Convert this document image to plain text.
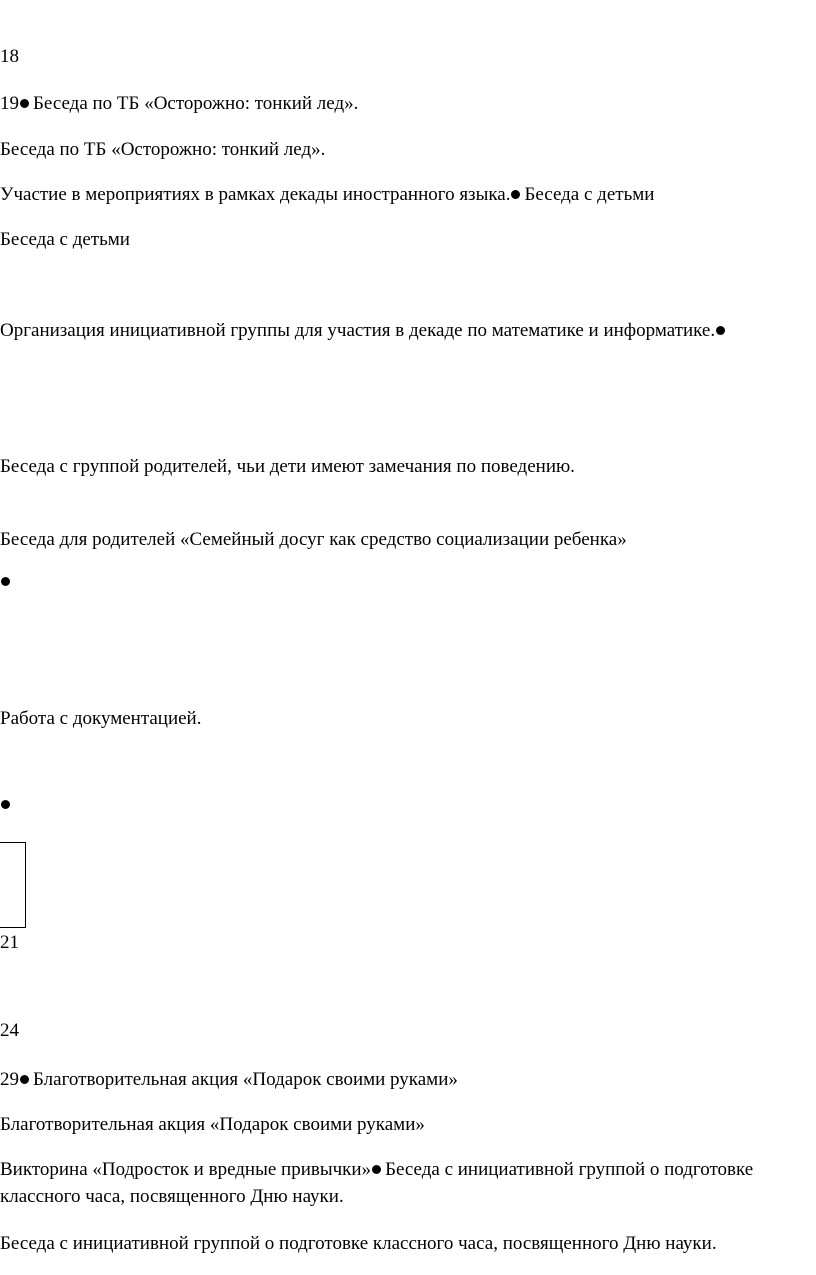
18

19 Беседа по ТБ «Осторожно: тонкий лед».

Беседа по ТБ «Осторожно: тонкий лед».

Участие в мероприятиях в рамках декады иностранного языка. Беседа с детьми

Беседа с детьми

Организация инициативной группы для участия в декаде по математике и информатике.

Беседа с группой родителей, чьи дети имеют замечания по поведению.

Беседа для родителей «Семейный досуг как средство социализации ребенка»

Работа с документацией.

21

24

29 Благотворительная акция «Подарок своими руками»

Благотворительная акция «Подарок своими руками»

Викторина «Подросток и вредные привычки» Беседа с инициативной группой о подготовке классного часа, посвященного Дню науки.

Беседа с инициативной группой о подготовке классного часа, посвященного Дню науки.
